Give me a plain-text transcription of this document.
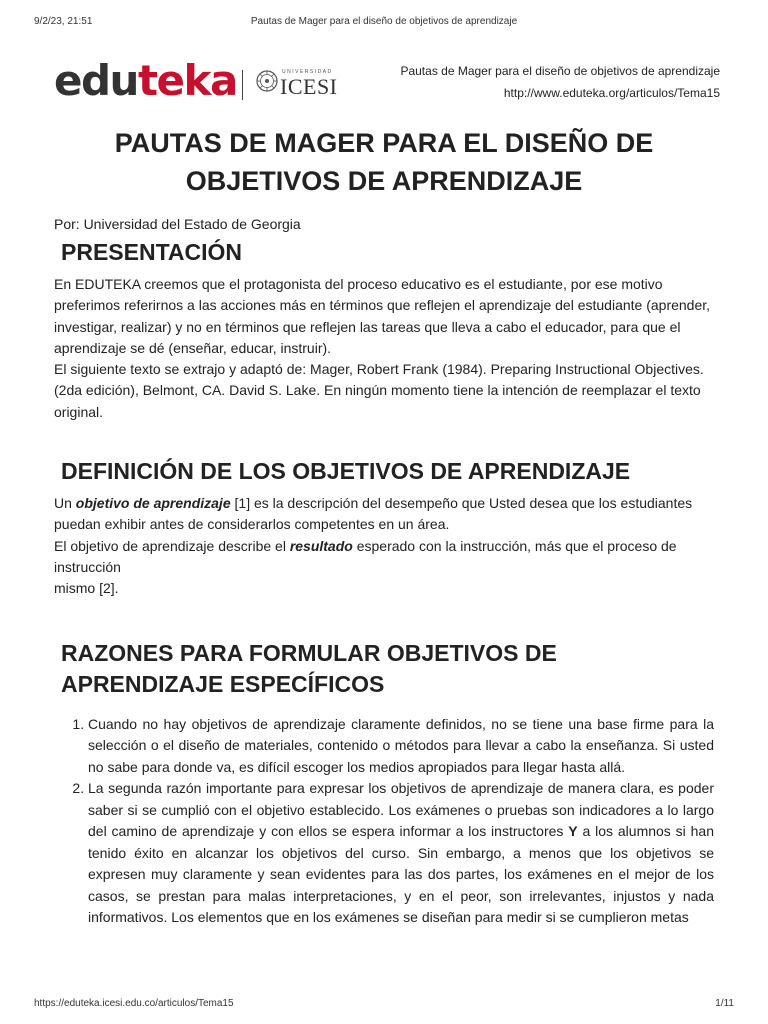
9/2/23, 21:51	Pautas de Mager para el diseño de objetivos de aprendizaje
eduteka	UNIVERSIDAD
ICESI
Pautas de Mager para el diseño de objetivos de aprendizaje
http://www.eduteka.org/articulos/Tema15
PAUTAS DE MAGER PARA EL DISEÑO DE OBJETIVOS DE APRENDIZAJE
Por: Universidad del Estado de Georgia
PRESENTACIÓN

En EDUTEKA creemos que el protagonista del proceso educativo es el estudiante, por ese motivo preferimos referirnos a las acciones más en términos que reflejen el aprendizaje del estudiante (aprender, investigar, realizar) y no en términos que reflejen las tareas que lleva a cabo el educador, para que el aprendizaje se dé (enseñar, educar, instruir).
El siguiente texto se extrajo y adaptó de: Mager, Robert Frank (1984). Preparing Instructional Objectives. (2da edición), Belmont, CA. David S. Lake. En ningún momento tiene la intención de reemplazar el texto original.

DEFINICIÓN DE LOS OBJETIVOS DE APRENDIZAJE

Un objetivo de aprendizaje [1] es la descripción del desempeño que Usted desea que los estudiantes puedan exhibir antes de considerarlos competentes en un área.
El objetivo de aprendizaje describe el resultado esperado con la instrucción, más que el proceso de instrucción
mismo [2].

RAZONES PARA FORMULAR OBJETIVOS DE APRENDIZAJE ESPECÍFICOS
1. Cuando no hay objetivos de aprendizaje claramente definidos, no se tiene una base firme para la selección o el diseño de materiales, contenido o métodos para llevar a cabo la enseñanza. Si usted no sabe para donde va, es difícil escoger los medios apropiados para llegar hasta allá.
2. La segunda razón importante para expresar los objetivos de aprendizaje de manera clara, es poder saber si se cumplió con el objetivo establecido. Los exámenes o pruebas son indicadores a lo largo del camino de aprendizaje y con ellos se espera informar a los instructores Y a los alumnos si han tenido éxito en alcanzar los objetivos del curso. Sin embargo, a menos que los objetivos se expresen muy claramente y sean evidentes para las dos partes, los exámenes en el mejor de los casos, se prestan para malas interpretaciones, y en el peor, son irrelevantes, injustos y nada informativos. Los elementos que en los exámenes se diseñan para medir si se cumplieron metas
https://eduteka.icesi.edu.co/articulos/Tema15	1/11
